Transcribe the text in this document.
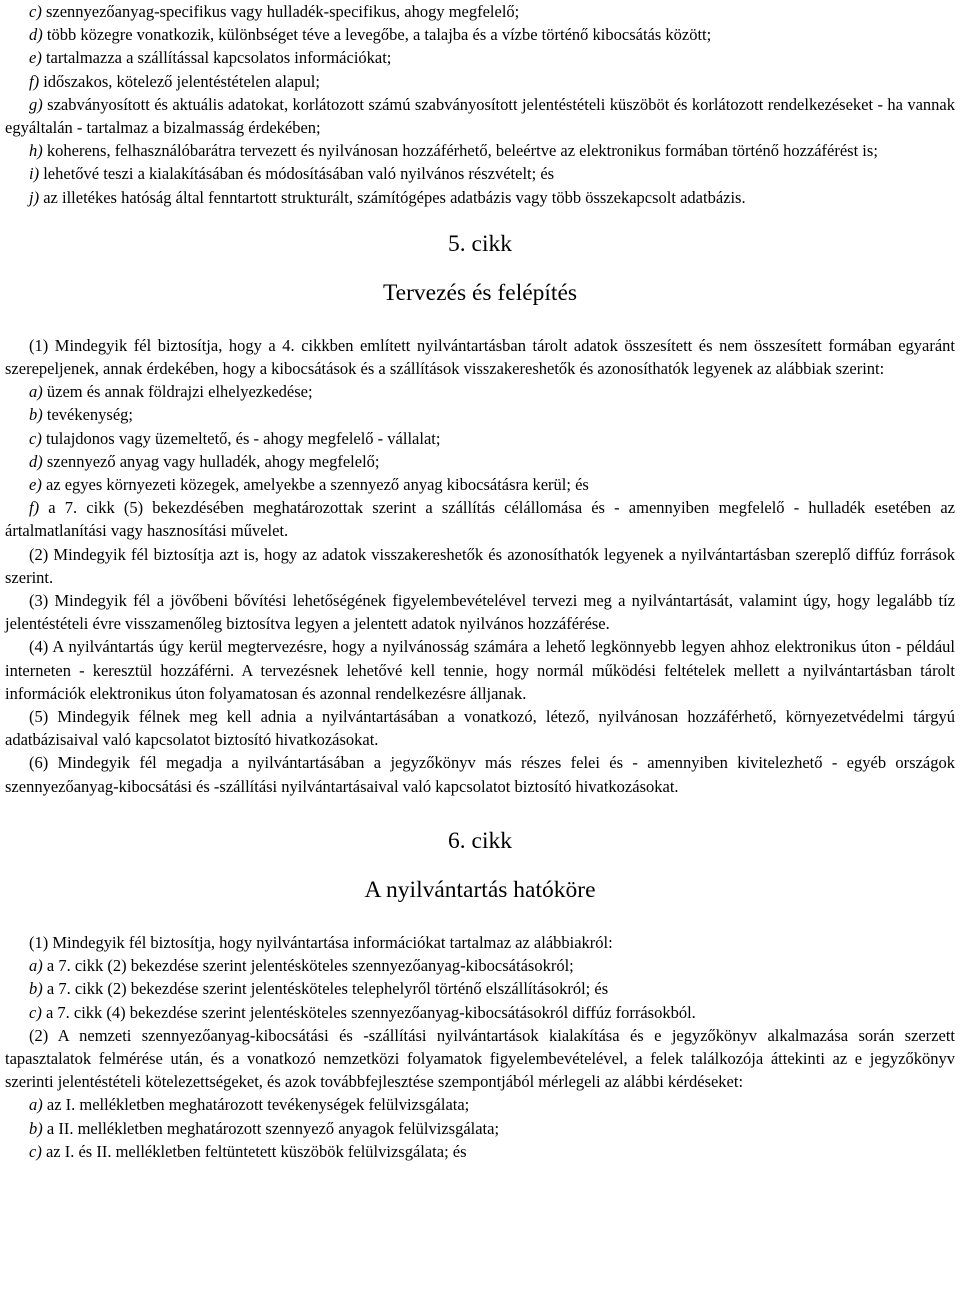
c) szennyezőanyag-specifikus vagy hulladék-specifikus, ahogy megfelelő;

d) több közegre vonatkozik, különbséget téve a levegőbe, a talajba és a vízbe történő kibocsátás között;

e) tartalmazza a szállítással kapcsolatos információkat;

f) időszakos, kötelező jelentéstételen alapul;

g) szabványosított és aktuális adatokat, korlátozott számú szabványosított jelentéstételi küszöböt és korlátozott rendelkezéseket - ha vannak egyáltalán - tartalmaz a bizalmasság érdekében;

h) koherens, felhasználóbarátra tervezett és nyilvánosan hozzáférhető, beleértve az elektronikus formában történő hozzáférést is;

i) lehetővé teszi a kialakításában és módosításában való nyilvános részvételt; és

j) az illetékes hatóság által fenntartott strukturált, számítógépes adatbázis vagy több összekapcsolt adatbázis.

5. cikk
Tervezés és felépítés

(1) Mindegyik fél biztosítja, hogy a 4. cikkben említett nyilvántartásban tárolt adatok összesített és nem összesített formában egyaránt szerepeljenek, annak érdekében, hogy a kibocsátások és a szállítások visszakereshetők és azonosíthatók legyenek az alábbiak szerint:

a) üzem és annak földrajzi elhelyezkedése;

b) tevékenység;

c) tulajdonos vagy üzemeltető, és - ahogy megfelelő - vállalat;

d) szennyező anyag vagy hulladék, ahogy megfelelő;

e) az egyes környezeti közegek, amelyekbe a szennyező anyag kibocsátásra kerül; és

f) a 7. cikk (5) bekezdésében meghatározottak szerint a szállítás célállomása és - amennyiben megfelelő - hulladék esetében az ártalmatlanítási vagy hasznosítási művelet.

(2) Mindegyik fél biztosítja azt is, hogy az adatok visszakereshetők és azonosíthatók legyenek a nyilvántartásban szereplő diffúz források szerint.

(3) Mindegyik fél a jövőbeni bővítési lehetőségének figyelembevételével tervezi meg a nyilvántartását, valamint úgy, hogy legalább tíz jelentéstételi évre visszamenőleg biztosítva legyen a jelentett adatok nyilvános hozzáférése.

(4) A nyilvántartás úgy kerül megtervezésre, hogy a nyilvánosság számára a lehető legkönnyebb legyen ahhoz elektronikus úton - például interneten - keresztül hozzáférni. A tervezésnek lehetővé kell tennie, hogy normál működési feltételek mellett a nyilvántartásban tárolt információk elektronikus úton folyamatosan és azonnal rendelkezésre álljanak.

(5) Mindegyik félnek meg kell adnia a nyilvántartásában a vonatkozó, létező, nyilvánosan hozzáférhető, környezetvédelmi tárgyú adatbázisaival való kapcsolatot biztosító hivatkozásokat.

(6) Mindegyik fél megadja a nyilvántartásában a jegyzőkönyv más részes felei és - amennyiben kivitelezhető - egyéb országok szennyezőanyag-kibocsátási és -szállítási nyilvántartásaival való kapcsolatot biztosító hivatkozásokat.

6. cikk
A nyilvántartás hatóköre

(1) Mindegyik fél biztosítja, hogy nyilvántartása információkat tartalmaz az alábbiakról:

a) a 7. cikk (2) bekezdése szerint jelentésköteles szennyezőanyag-kibocsátásokról;

b) a 7. cikk (2) bekezdése szerint jelentésköteles telephelyről történő elszállításokról; és

c) a 7. cikk (4) bekezdése szerint jelentésköteles szennyezőanyag-kibocsátásokról diffúz forrásokból.

(2) A nemzeti szennyezőanyag-kibocsátási és -szállítási nyilvántartások kialakítása és e jegyzőkönyv alkalmazása során szerzett tapasztalatok felmérése után, és a vonatkozó nemzetközi folyamatok figyelembevételével, a felek találkozója áttekinti az e jegyzőkönyv szerinti jelentéstételi kötelezettségeket, és azok továbbfejlesztése szempontjából mérlegeli az alábbi kérdéseket:

a) az I. mellékletben meghatározott tevékenységek felülvizsgálata;

b) a II. mellékletben meghatározott szennyező anyagok felülvizsgálata;

c) az I. és II. mellékletben feltüntetett küszöbök felülvizsgálata; és
